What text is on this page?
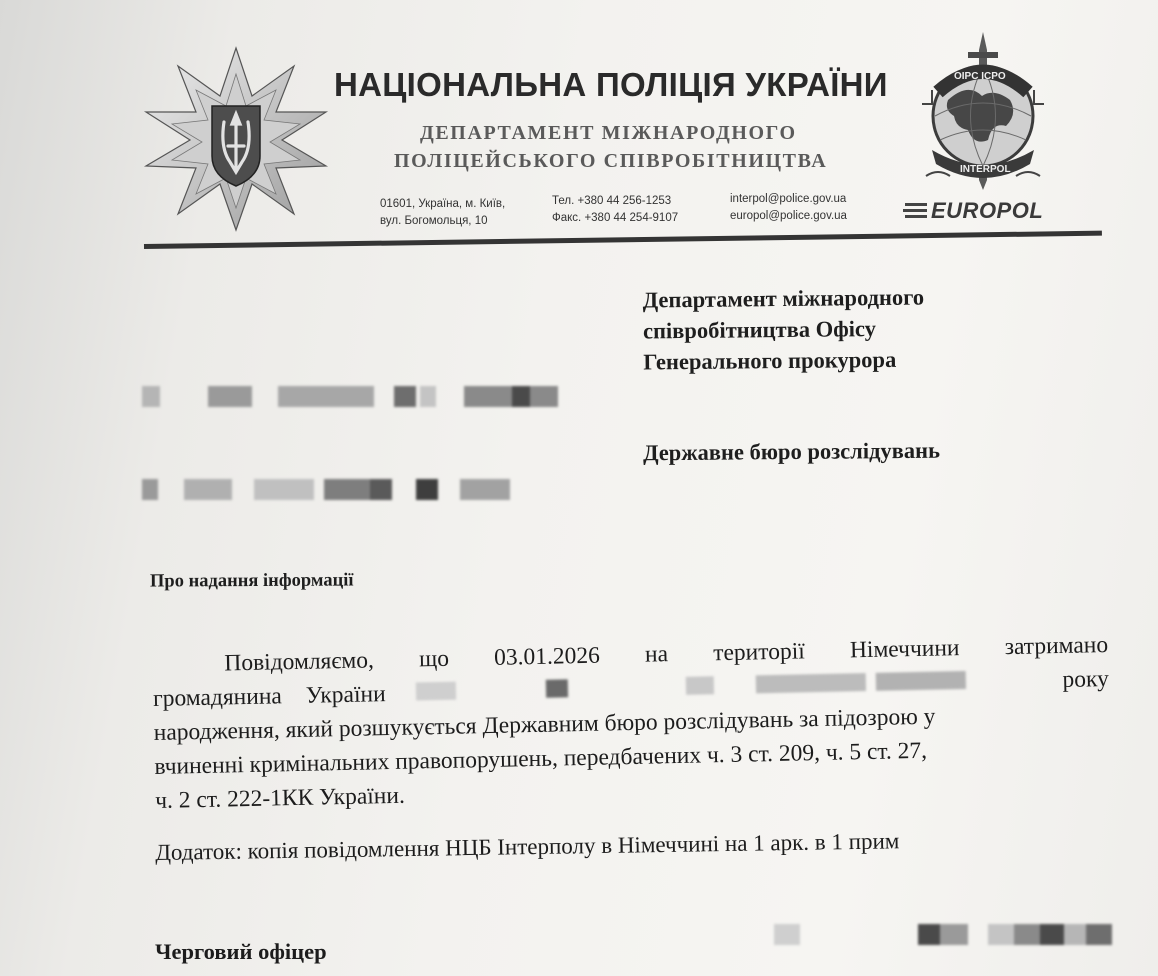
НАЦІОНАЛЬНА ПОЛІЦІЯ УКРАЇНИ
ДЕПАРТАМЕНТ МІЖНАРОДНОГО
ПОЛІЦЕЙСЬКОГО СПІВРОБІТНИЦТВА
01601, Україна, м. Київ,
вул. Богомольця, 10
Тел. +380 44 256-1253
Факс. +380 44 254-9107
interpol@police.gov.ua
europol@police.gov.ua
OIPC ICPO
INTERPOL
EUROPOL
Департамент міжнародного
співробітництва Офісу
Генерального прокурора
Державне бюро розслідувань
Про надання інформації
Повідомляємо, що 03.01.2026 на території Німеччини затримано
громадянина України
року
народження, який розшукується Державним бюро розслідувань за підозрою у
вчиненні кримінальних правопорушень, передбачених ч. 3 ст. 209, ч. 5 ст. 27,
ч. 2 ст. 222-1КК України.
Додаток: копія повідомлення НЦБ Інтерполу в Німеччині на 1 арк. в 1 прим
Черговий офіцер
